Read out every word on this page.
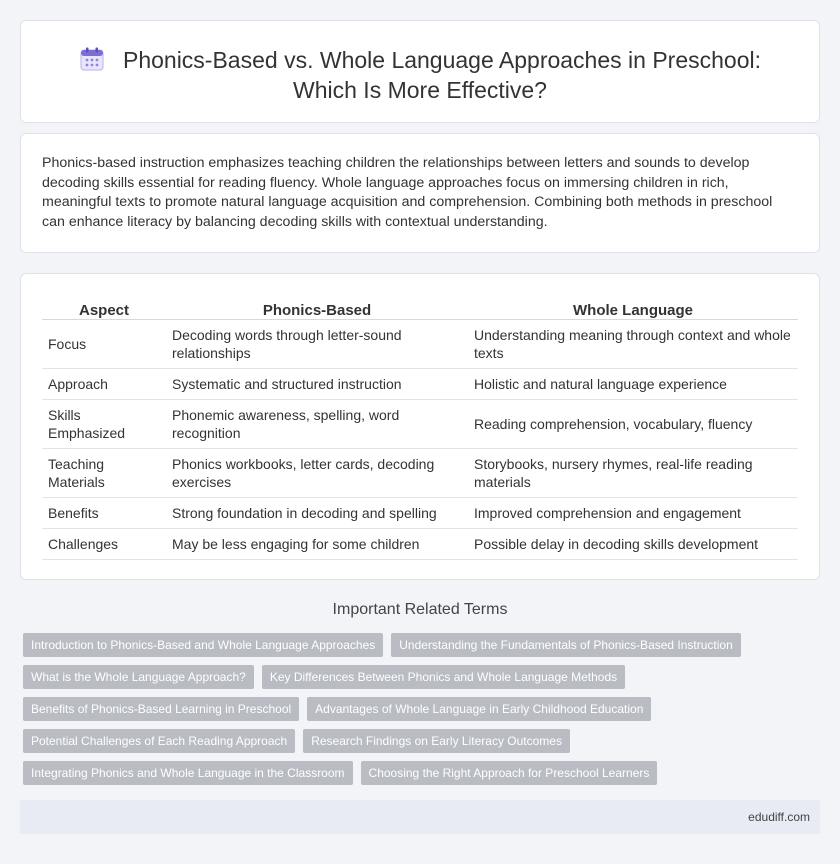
Phonics-Based vs. Whole Language Approaches in Preschool:
Which Is More Effective?

Phonics-based instruction emphasizes teaching children the relationships between letters and sounds to develop decoding skills essential for reading fluency. Whole language approaches focus on immersing children in rich, meaningful texts to promote natural language acquisition and comprehension. Combining both methods in preschool can enhance literacy by balancing decoding skills with contextual understanding.

Aspect	Phonics-Based	Whole Language
Focus	Decoding words through letter-sound relationships	Understanding meaning through context and whole texts
Approach	Systematic and structured instruction	Holistic and natural language experience
Skills Emphasized	Phonemic awareness, spelling, word recognition	Reading comprehension, vocabulary, fluency
Teaching Materials	Phonics workbooks, letter cards, decoding exercises	Storybooks, nursery rhymes, real-life reading materials
Benefits	Strong foundation in decoding and spelling	Improved comprehension and engagement
Challenges	May be less engaging for some children	Possible delay in decoding skills development
Important Related Terms
Introduction to Phonics-Based and Whole Language Approaches	Understanding the Fundamentals of Phonics-Based Instruction
What is the Whole Language Approach?	Key Differences Between Phonics and Whole Language Methods
Benefits of Phonics-Based Learning in Preschool	Advantages of Whole Language in Early Childhood Education
Potential Challenges of Each Reading Approach	Research Findings on Early Literacy Outcomes
Integrating Phonics and Whole Language in the Classroom	Choosing the Right Approach for Preschool Learners
edudiff.com
